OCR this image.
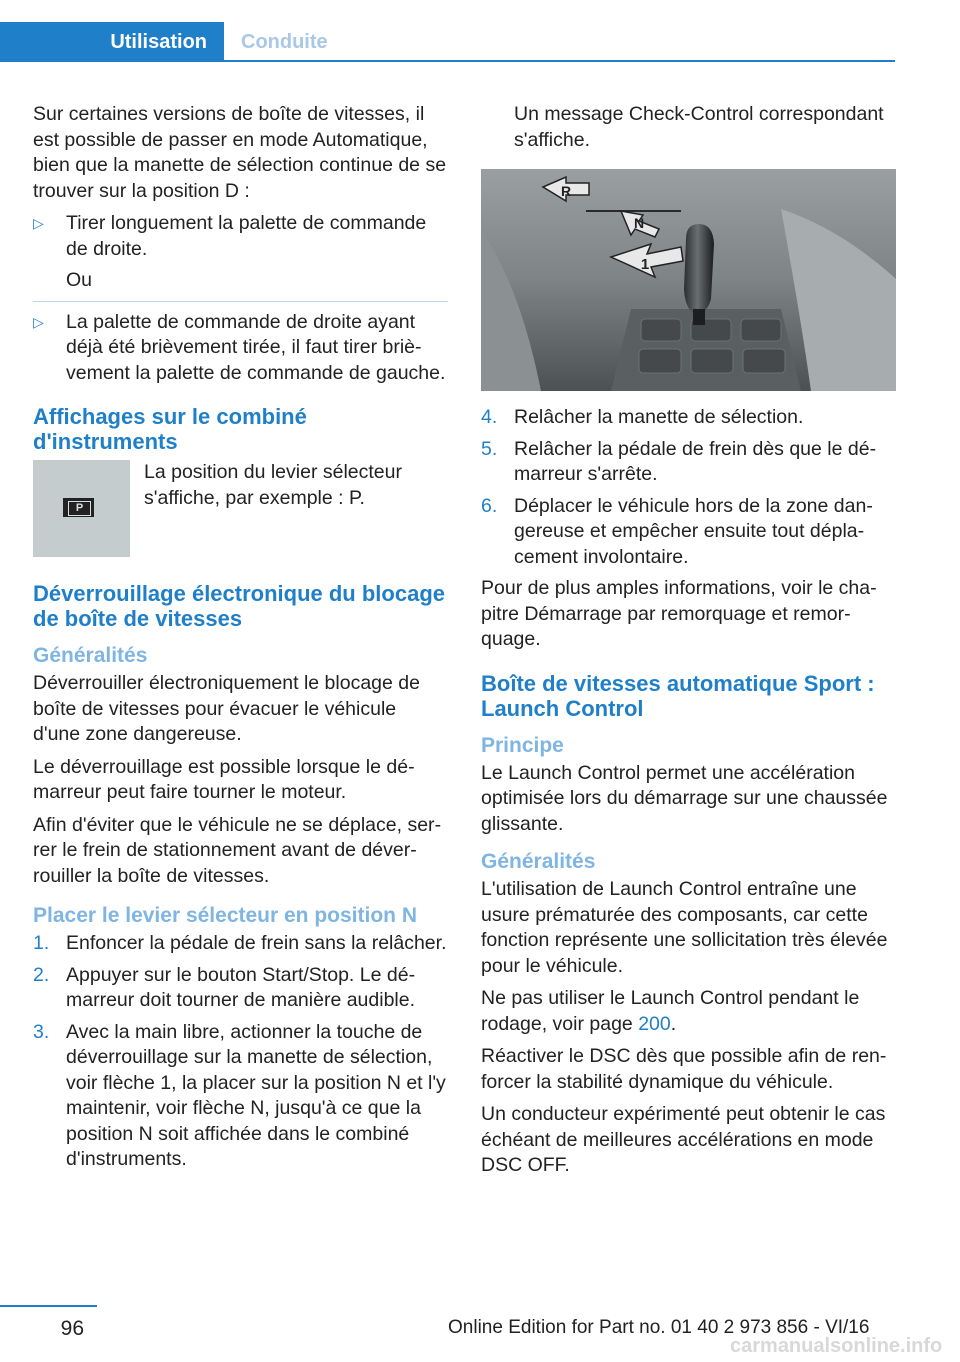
Utilisation	Conduite

Sur certaines versions de boîte de vitesses, il est possible de passer en mode Automatique, bien que la manette de sélection continue de se trouver sur la position D :

▷ Tirer longuement la palette de commande de droite.
Ou
▷ La palette de commande de droite ayant déjà été brièvement tirée, il faut tirer brièvement la palette de commande de gauche.
Affichages sur le combiné d'instruments
P
La position du levier sélecteur s'affiche, par exemple : P.
Déverrouillage électronique du blocage de boîte de vitesses
Généralités

Déverrouiller électroniquement le blocage de boîte de vitesses pour évacuer le véhicule d'une zone dangereuse.

Le déverrouillage est possible lorsque le démarreur peut faire tourner le moteur.

Afin d'éviter que le véhicule ne se déplace, serrer le frein de stationnement avant de déverrouiller la boîte de vitesses.

Placer le levier sélecteur en position N
1. Enfoncer la pédale de frein sans la relâcher.
2. Appuyer sur le bouton Start/Stop. Le démarreur doit tourner de manière audible.
3. Avec la main libre, actionner la touche de déverrouillage sur la manette de sélection, voir flèche 1, la placer sur la position N et l'y maintenir, voir flèche N, jusqu'à ce que la position N soit affichée dans le combiné d'instruments.

Un message Check-Control correspondant s'affiche.

R
N
1
4. Relâcher la manette de sélection.
5. Relâcher la pédale de frein dès que le démarreur s'arrête.
6. Déplacer le véhicule hors de la zone dangereuse et empêcher ensuite tout déplacement involontaire.

Pour de plus amples informations, voir le chapitre Démarrage par remorquage et remorquage.

Boîte de vitesses automatique Sport : Launch Control
Principe

Le Launch Control permet une accélération optimisée lors du démarrage sur une chaussée glissante.

Généralités

L'utilisation de Launch Control entraîne une usure prématurée des composants, car cette fonction représente une sollicitation très élevée pour le véhicule.

Ne pas utiliser le Launch Control pendant le rodage, voir page 200.

Réactiver le DSC dès que possible afin de renforcer la stabilité dynamique du véhicule.

Un conducteur expérimenté peut obtenir le cas échéant de meilleures accélérations en mode DSC OFF.

96	Online Edition for Part no. 01 40 2 973 856 - VI/16
carmanualsonline.info
